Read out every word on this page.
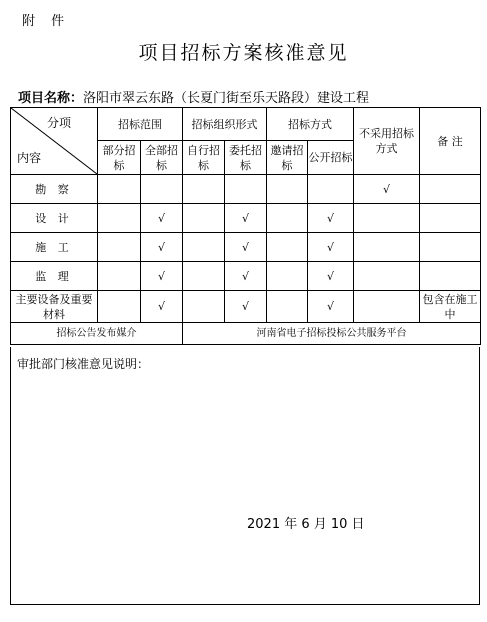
附 件
项目招标方案核准意见
项目名称：洛阳市翠云东路（长夏门街至乐天路段）建设工程
分项
内容	招标范围		招标组织形式		招标方式		不采用招标方式	备 注
	部分招标	全部招标	自行招标	委托招标	邀请招标	公开招标		
勘 察							√	
设 计		√		√		√		
施 工		√		√		√		
监 理		√		√		√		
主要设备及重要材料		√		√		√		包含在施工中
招标公告发布媒介			河南省电子招标投标公共服务平台					
审批部门核准意见说明：
2021 年 6 月 10 日
